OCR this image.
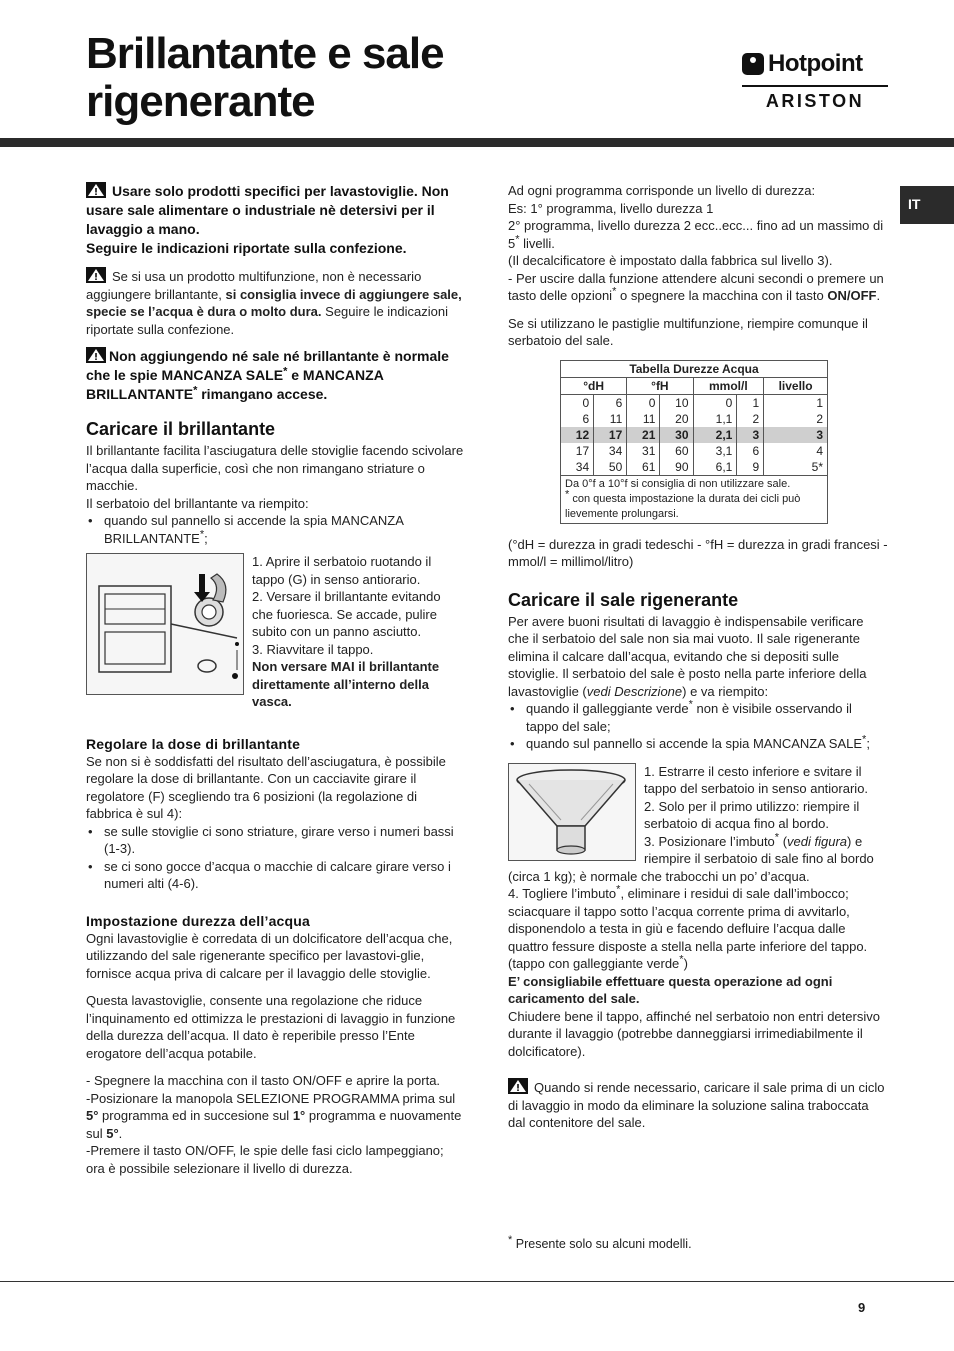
Brillantante e sale
rigenerante
Hotpoint
ARISTON
IT
Usare solo prodotti specifici per lavastoviglie. Non usare sale alimentare o industriale nè detersivi per il lavaggio a mano.
Seguire le indicazioni riportate sulla confezione.

Se si usa un prodotto multifunzione, non è necessario aggiungere brillantante, si consiglia invece di aggiungere sale, specie se l’acqua è dura o molto dura. Seguire le indicazioni riportate sulla confezione.

Non aggiungendo né sale né brillantante è normale che le spie MANCANZA SALE* e MANCANZA BRILLANTANTE* rimangano accese.
Caricare il brillantante

Il brillantante facilita l’asciugatura delle stoviglie facendo scivolare l’acqua dalla superficie, così che non rimangano striature o macchie.

Il serbatoio del brillantante va riempito:

• quando sul pannello si accende la spia MANCANZA BRILLANTANTE*;

1. Aprire il serbatoio ruotando il tappo (G) in senso antiorario.
2. Versare il brillantante evitando che fuoriesca. Se accade, pulire subito con un panno asciutto.
3. Riavvitare il tappo.

Non versare MAI il brillantante direttamente all’interno della vasca.

Regolare la dose di brillantante

Se non si è soddisfatti del risultato dell’asciugatura, è possibile regolare la dose di brillantante. Con un cacciavite girare il regolatore (F) scegliendo tra 6 posizioni (la regolazione di fabbrica è sul 4):

• se sulle stoviglie ci sono striature, girare verso i numeri bassi (1-3).
• se ci sono gocce d’acqua o macchie di calcare girare verso i numeri alti (4-6).
Impostazione durezza dell’acqua

Ogni lavastoviglie è corredata di un dolcificatore dell’acqua che, utilizzando del sale rigenerante specifico per lavastovi-glie, fornisce acqua priva di calcare per il lavaggio delle stoviglie.

Questa lavastoviglie, consente una regolazione che riduce l’inquinamento ed ottimizza le prestazioni di lavaggio in funzione della durezza dell’acqua. Il dato è reperibile presso l’Ente erogatore dell’acqua potabile.

- Spegnere la macchina con il tasto ON/OFF e aprire la porta.

-Posizionare la manopola SELEZIONE PROGRAMMA prima sul 5° programma ed in succesione sul 1° programma e nuovamente sul 5°.

-Premere il tasto ON/OFF, le spie delle fasi ciclo lampeggiano; ora è possibile selezionare il livello di durezza.

Ad ogni programma corrisponde un livello di durezza:

Es: 1° programma, livello durezza 1

2° programma, livello durezza 2 ecc..ecc... fino ad un massimo di 5* livelli.

(Il decalcificatore è impostato dalla fabbrica sul livello 3).

- Per uscire dalla funzione attendere alcuni secondi o premere un tasto delle opzioni* o spegnere la macchina con il tasto ON/OFF.

Se si utilizzano le pastiglie multifunzione, riempire comunque il serbatoio del sale.

Tabella Durezze Acqua						
°dH		°fH		mmol/l		livello
0	6	0	10	0	1	1
6	11	11	20	1,1	2	2
12	17	21	30	2,1	3	3
17	34	31	60	3,1	6	4
34	50	61	90	6,1	9	5*

Da 0°f a 10°f si consiglia di non utilizzare sale.
* con questa impostazione la durata dei cicli può lievemente prolungarsi.						

(°dH = durezza in gradi tedeschi - °fH = durezza in gradi francesi - mmol/l = millimol/litro)

Caricare il sale rigenerante

Per avere buoni risultati di lavaggio è indispensabile verificare che il serbatoio del sale non sia mai vuoto. Il sale rigenerante elimina il calcare dall’acqua, evitando che si depositi sulle stoviglie. Il serbatoio del sale è posto nella parte inferiore della lavastoviglie (vedi Descrizione) e va riempito:

• quando il galleggiante verde* non è visibile osservando il tappo del sale;
• quando sul pannello si accende la spia MANCANZA SALE*;

1. Estrarre il cesto inferiore e svitare il tappo del serbatoio in senso antiorario.
2. Solo per il primo utilizzo: riempire il serbatoio di acqua fino al bordo.
3. Posizionare l’imbuto* (vedi figura) e riempire il serbatoio di sale fino al bordo

(circa 1 kg); è normale che trabocchi un po’ d’acqua.

4. Togliere l’imbuto*, eliminare i residui di sale dall’imbocco; sciacquare il tappo sotto l’acqua corrente prima di avvitarlo, disponendolo a testa in giù e facendo defluire l’acqua dalle quattro fessure disposte a stella nella parte inferiore del tappo. (tappo con galleggiante verde*)

E’ consigliabile effettuare questa operazione ad ogni caricamento del sale.

Chiudere bene il tappo, affinché nel serbatoio non entri detersivo durante il lavaggio (potrebbe danneggiarsi irrimediabilmente il dolcificatore).

Quando si rende necessario, caricare il sale prima di un ciclo di lavaggio in modo da eliminare la soluzione salina traboccata dal contenitore del sale.

* Presente solo su alcuni modelli.

9
